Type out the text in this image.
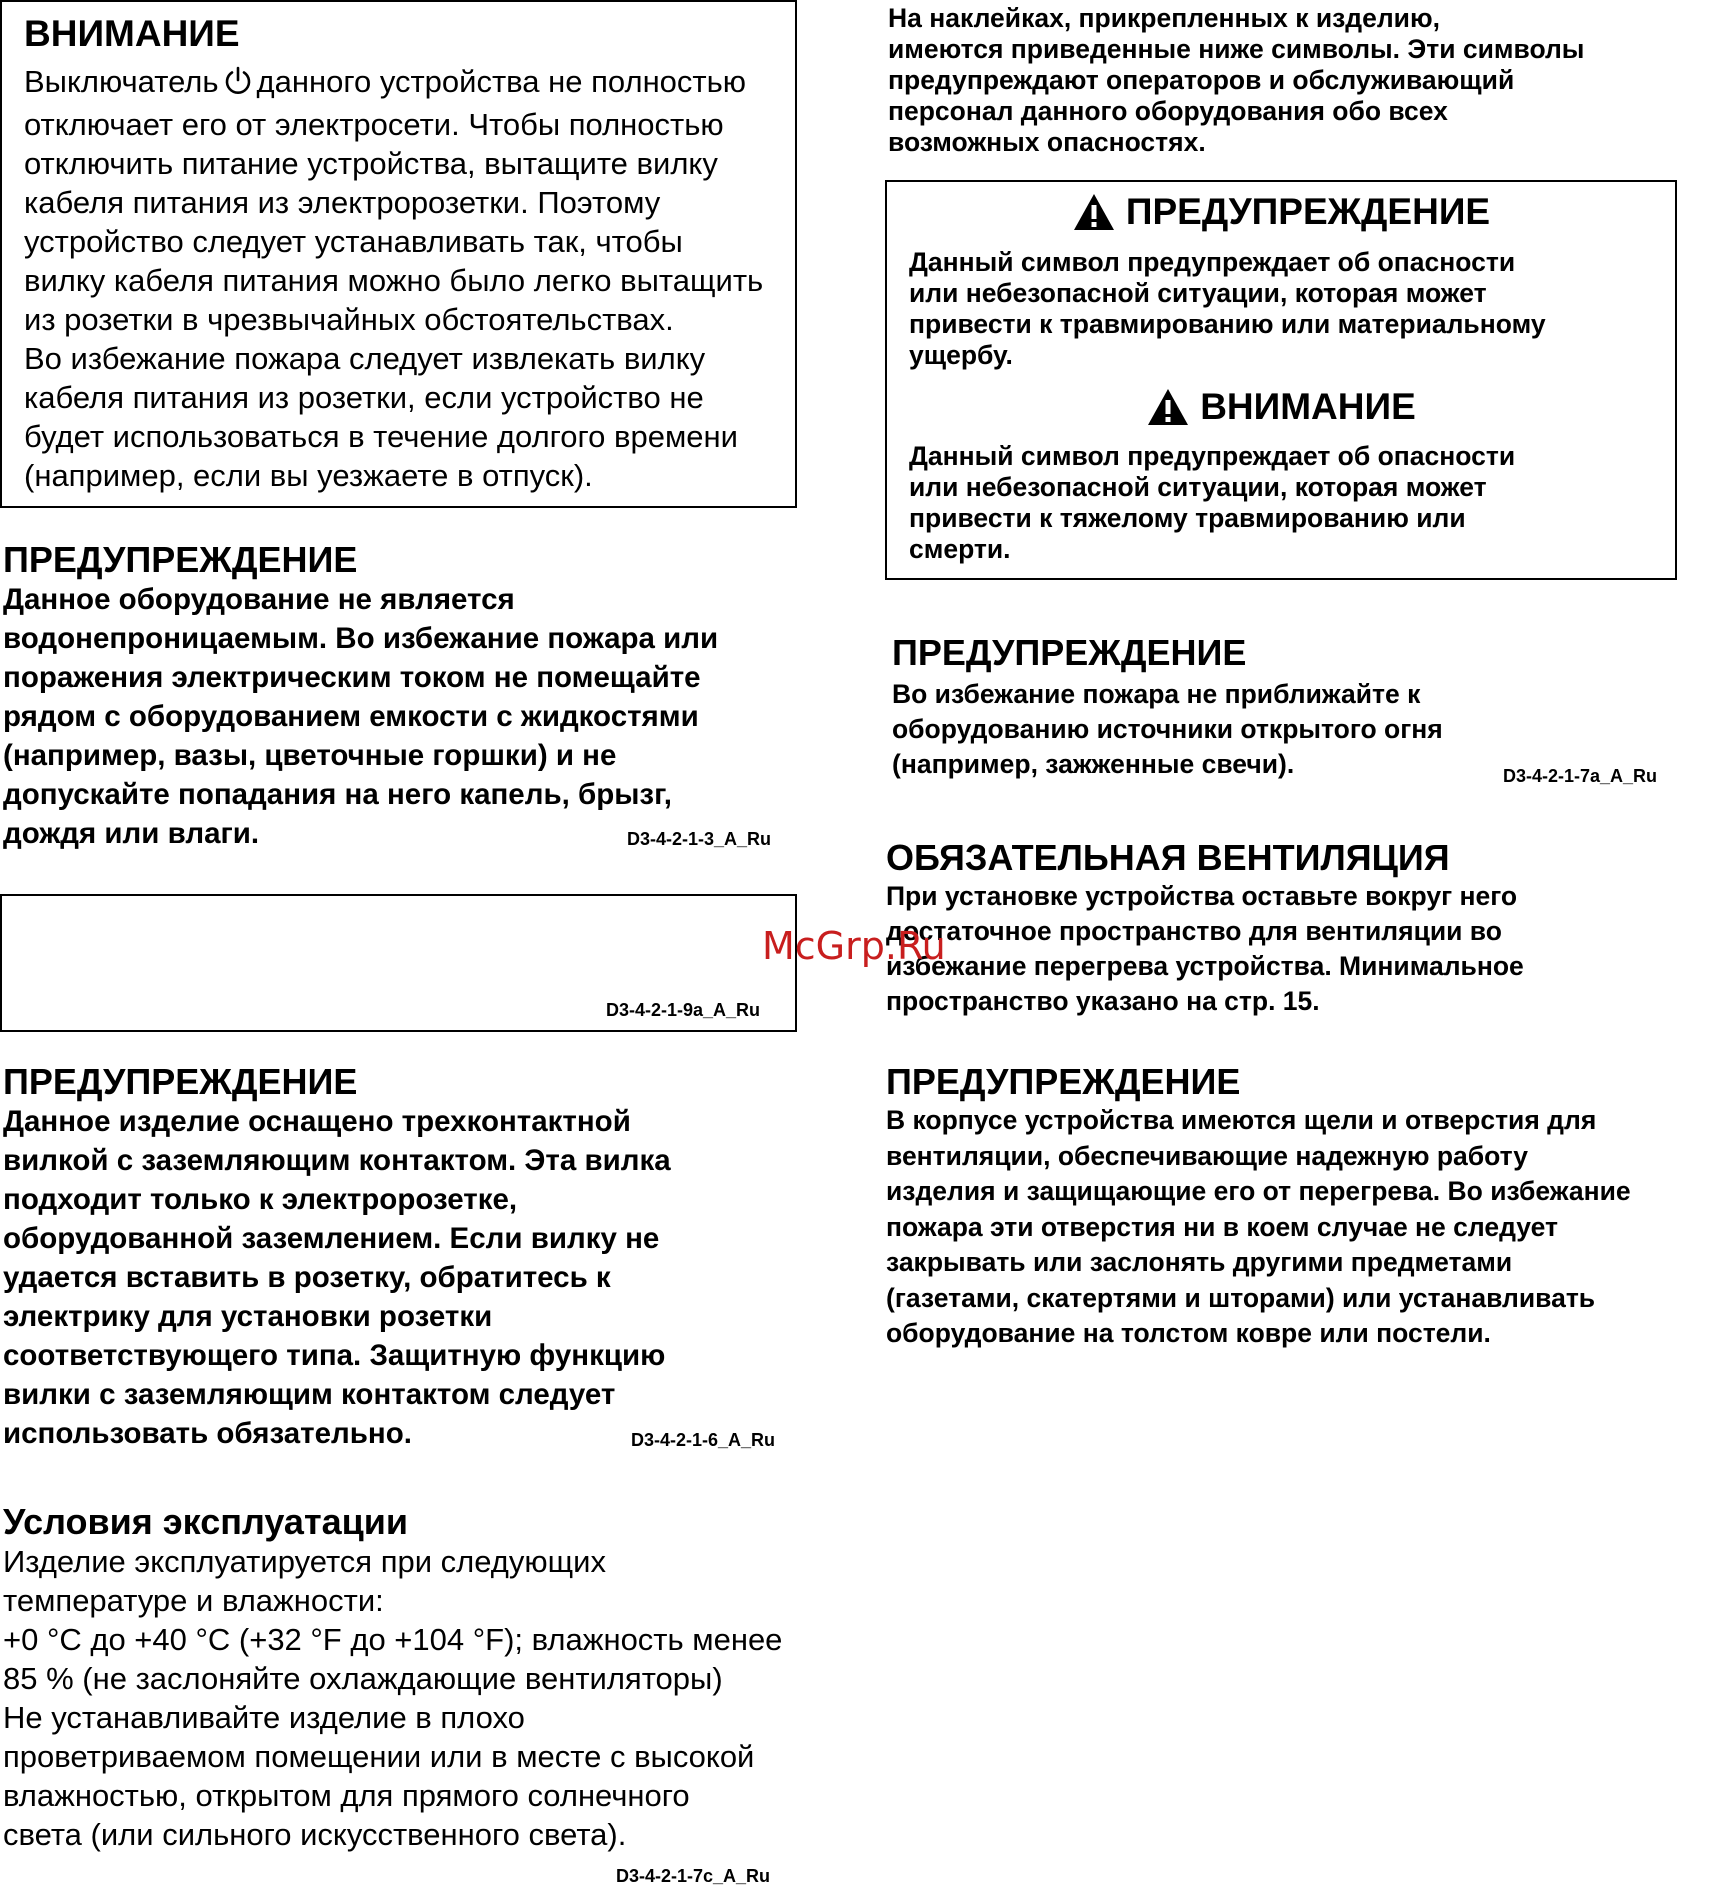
ВНИМАНИЕ

Выключатель данного устройства не полностью
отключает его от электросети. Чтобы полностью
отключить питание устройства, вытащите вилку
кабеля питания из электророзетки. Поэтому
устройство следует устанавливать так, чтобы
вилку кабеля питания можно было легко вытащить
из розетки в чрезвычайных обстоятельствах.
Во избежание пожара следует извлекать вилку
кабеля питания из розетки, если устройство не
будет использоваться в течение долгого времени
(например, если вы уезжаете в отпуск).

ПРЕДУПРЕЖДЕНИЕ

Данное оборудование не является
водонепроницаемым. Во избежание пожара или
поражения электрическим током не помещайте
рядом с оборудованием емкости с жидкостями
(например, вазы, цветочные горшки) и не
допускайте попадания на него капель, брызг,
дождя или влаги.	D3-4-2-1-3_A_Ru
D3-4-2-1-9a_A_Ru
ПРЕДУПРЕЖДЕНИЕ

Данное изделие оснащено трехконтактной
вилкой с заземляющим контактом. Эта вилка
подходит только к электророзетке,
оборудованной заземлением. Если вилку не
удается вставить в розетку, обратитесь к
электрику для установки розетки
соответствующего типа. Защитную функцию
вилки с заземляющим контактом следует
использовать обязательно.	D3-4-2-1-6_A_Ru
Условия эксплуатации

Изделие эксплуатируется при следующих
температуре и влажности:
+0 °C до +40 °C (+32 °F до +104 °F); влажность менее
85 % (не заслоняйте охлаждающие вентиляторы)
Не устанавливайте изделие в плохо
проветриваемом помещении или в месте с высокой
влажностью, открытом для прямого солнечного
света (или сильного искусственного света).

D3-4-2-1-7c_A_Ru

На наклейках, прикрепленных к изделию,
имеются приведенные ниже символы. Эти символы
предупреждают операторов и обслуживающий
персонал данного оборудования обо всех
возможных опасностях.

ПРЕДУПРЕЖДЕНИЕ

Данный символ предупреждает об опасности
или небезопасной ситуации, которая может
привести к травмированию или материальному
ущербу.

ВНИМАНИЕ

Данный символ предупреждает об опасности
или небезопасной ситуации, которая может
привести к тяжелому травмированию или
смерти.

ПРЕДУПРЕЖДЕНИЕ

Во избежание пожара не приближайте к
оборудованию источники открытого огня
(например, зажженные свечи).	D3-4-2-1-7a_A_Ru
ОБЯЗАТЕЛЬНАЯ ВЕНТИЛЯЦИЯ

При установке устройства оставьте вокруг него
достаточное пространство для вентиляции во
избежание перегрева устройства. Минимальное
пространство указано на стр. 15.

ПРЕДУПРЕЖДЕНИЕ

В корпусе устройства имеются щели и отверстия для
вентиляции, обеспечивающие надежную работу
изделия и защищающие его от перегрева. Во избежание
пожара эти отверстия ни в коем случае не следует
закрывать или заслонять другими предметами
(газетами, скатертями и шторами) или устанавливать
оборудование на толстом ковре или постели.

McGrp.Ru
